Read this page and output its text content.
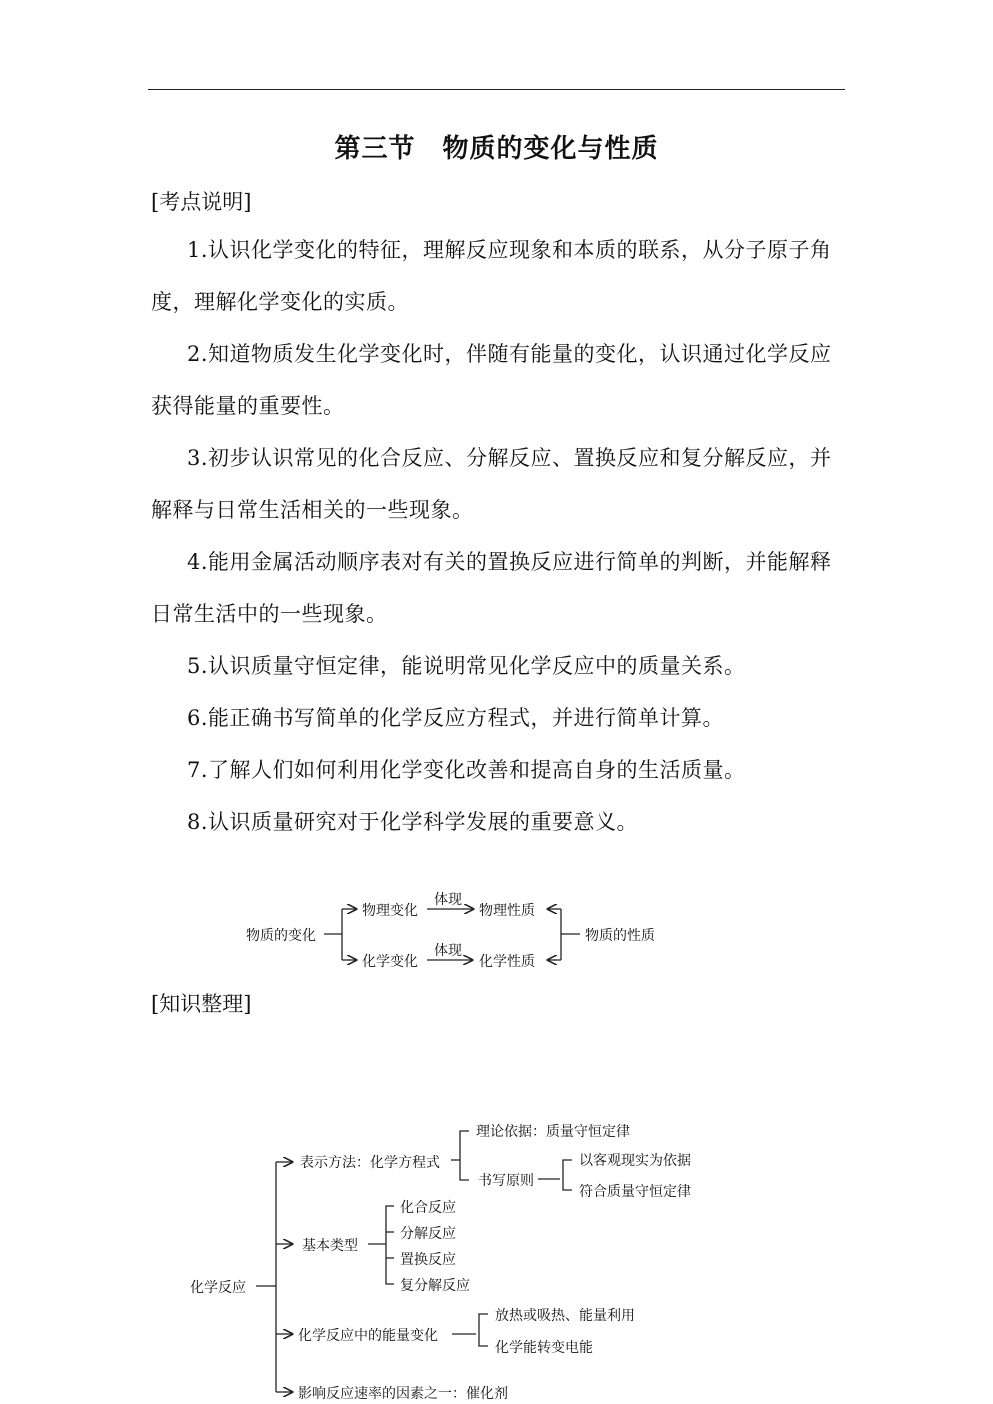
第三节　物质的变化与性质
[考点说明]
1.认识化学变化的特征，理解反应现象和本质的联系，从分子原子角度，理解化学变化的实质。
2.知道物质发生化学变化时，伴随有能量的变化，认识通过化学反应获得能量的重要性。
3.初步认识常见的化合反应、分解反应、置换反应和复分解反应，并解释与日常生活相关的一些现象。
4.能用金属活动顺序表对有关的置换反应进行简单的判断，并能解释日常生活中的一些现象。
5.认识质量守恒定律，能说明常见化学反应中的质量关系。
6.能正确书写简单的化学反应方程式，并进行简单计算。
7.了解人们如何利用化学变化改善和提高自身的生活质量。
8.认识质量研究对于化学科学发展的重要意义。
物质的变化
物理变化
化学变化
体现
体现
物理性质
化学性质
物质的性质
[知识整理]
化学反应
表示方法：化学方程式
理论依据：质量守恒定律
书写原则
以客观现实为依据
符合质量守恒定律
基本类型
化合反应
分解反应
置换反应
复分解反应
化学反应中的能量变化
放热或吸热、能量利用
化学能转变电能
影响反应速率的因素之一：催化剂
